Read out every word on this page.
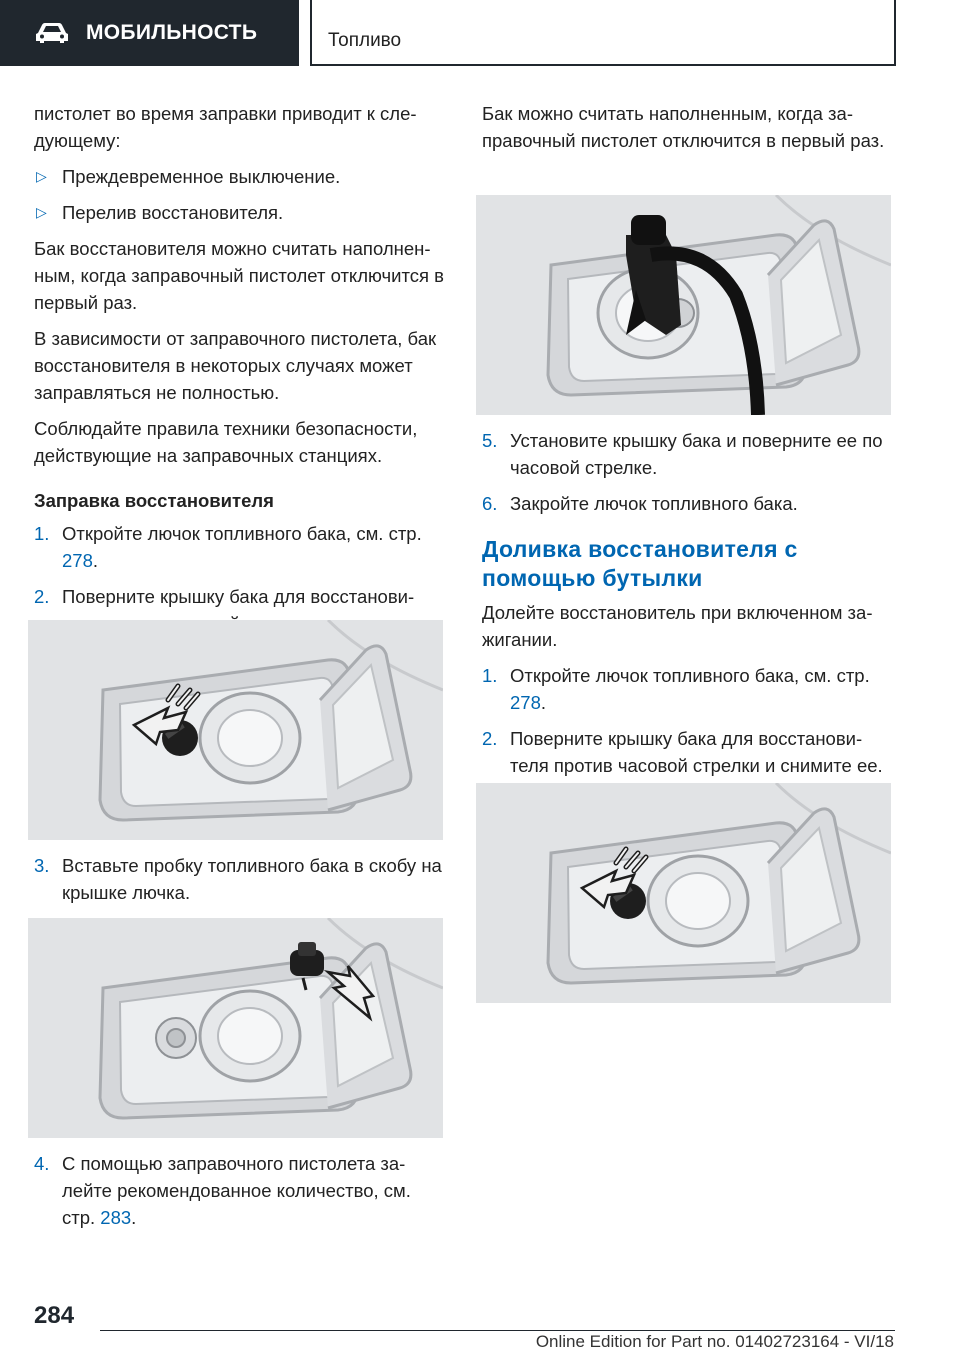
МОБИЛЬНОСТЬ	Топливо

пистолет во время заправки приводит к сле-дующему:

▷ Преждевременное выключение.
▷ Перелив восстановителя.

Бак восстановителя можно считать наполнен-ным, когда заправочный пистолет отключится в первый раз.

В зависимости от заправочного пистолета, бак восстановителя в некоторых случаях может заправляться не полностью.

Соблюдайте правила техники безопасности, действующие на заправочных станциях.

Заправка восстановителя
1. Откройте лючок топливного бака, см. стр. 278.
2. Поверните крышку бака для восстанови-
3. Вставьте пробку топливного бака в скобу на крышке лючка.
4. С помощью заправочного пистолета за-лейте рекомендованное количество, см. стр. 283.

Бак можно считать наполненным, когда за-правочный пистолет отключится в первый раз.

5. Установите крышку бака и поверните ее по часовой стрелке.
6. Закройте лючок топливного бака.
Доливка восстановителя с помощью бутылки

Долейте восстановитель при включенном за-жигании.

1. Откройте лючок топливного бака, см. стр. 278.
2. Поверните крышку бака для восстанови-теля против часовой стрелки и снимите ее.
284
Online Edition for Part no. 01402723164 - VI/18
